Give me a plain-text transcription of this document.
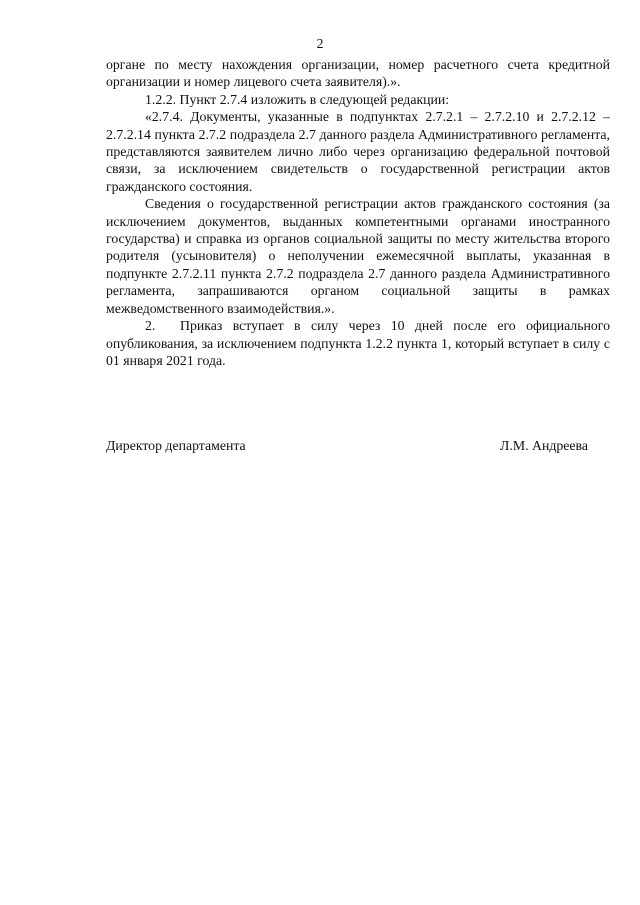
2

органе по месту нахождения организации, номер расчетного счета кредитной организации и номер лицевого счета заявителя).».

1.2.2. Пункт 2.7.4 изложить в следующей редакции:

«2.7.4. Документы, указанные в подпунктах 2.7.2.1 – 2.7.2.10 и 2.7.2.12 – 2.7.2.14 пункта 2.7.2 подраздела 2.7 данного раздела Административного регламента, представляются заявителем лично либо через организацию федеральной почтовой связи, за исключением свидетельств о государственной регистрации актов гражданского состояния.

Сведения о государственной регистрации актов гражданского состояния (за исключением документов, выданных компетентными органами иностранного государства) и справка из органов социальной защиты по месту жительства второго родителя (усыновителя) о неполучении ежемесячной выплаты, указанная в подпункте 2.7.2.11 пункта 2.7.2 подраздела 2.7 данного раздела Административного регламента, запрашиваются органом социальной защиты в рамках межведомственного взаимодействия.».

2. Приказ вступает в силу через 10 дней после его официального опубликования, за исключением подпункта 1.2.2 пункта 1, который вступает в силу с 01 января 2021 года.

Директор департамента	Л.М. Андреева
